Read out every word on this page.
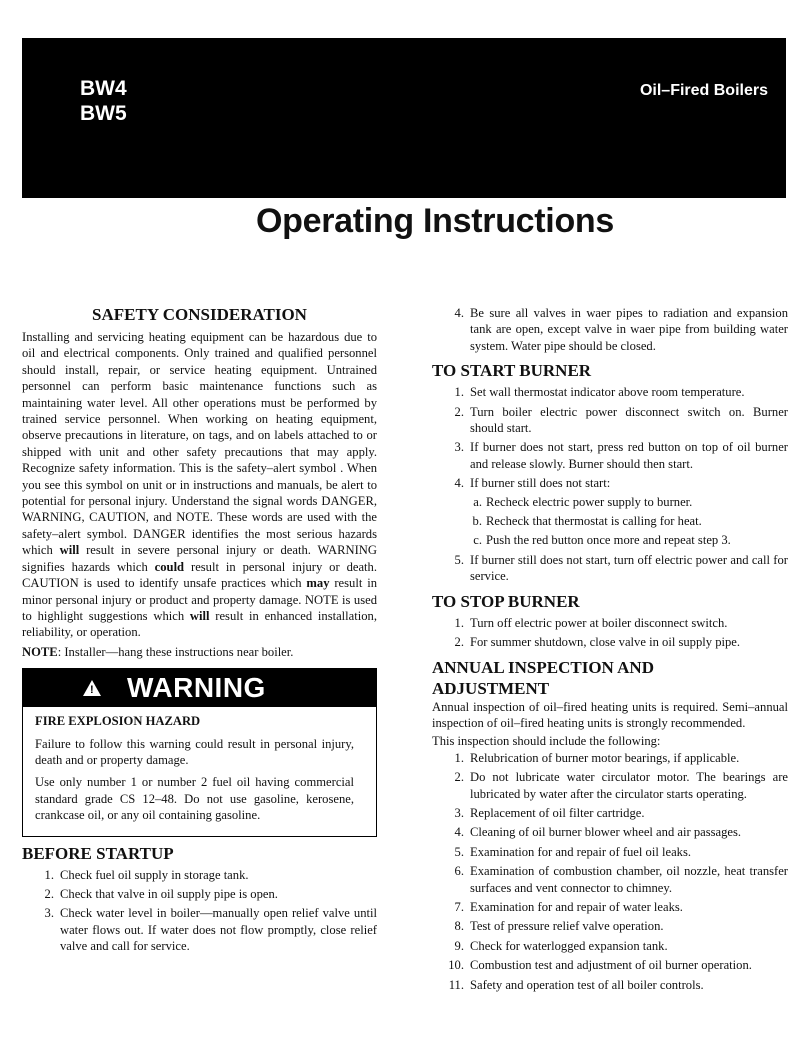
BW4
BW5
Oil–Fired Boilers
Operating Instructions
SAFETY CONSIDERATION

Installing and servicing heating equipment can be hazardous due to oil and electrical components. Only trained and qualified personnel should install, repair, or service heating equipment. Untrained personnel can perform basic maintenance functions such as maintaining water level. All other operations must be performed by trained service personnel. When working on heating equipment, observe precautions in literature, on tags, and on labels attached to or shipped with unit and other safety precautions that may apply. Recognize safety information. This is the safety–alert symbol . When you see this symbol on unit or in instructions and manuals, be alert to potential for personal injury. Understand the signal words DANGER, WARNING, CAUTION, and NOTE. These words are used with the safety–alert symbol. DANGER identifies the most serious hazards which will result in severe personal injury or death. WARNING signifies hazards which could result in personal injury or death. CAUTION is used to identify unsafe practices which may result in minor personal injury or product and property damage. NOTE is used to highlight suggestions which will result in enhanced installation, reliability, or operation.

NOTE: Installer—hang these instructions near boiler.

! WARNING
FIRE EXPLOSION HAZARD

Failure to follow this warning could result in personal injury, death and or property damage.

Use only number 1 or number 2 fuel oil having commercial standard grade CS 12–48. Do not use gasoline, kerosene, crankcase oil, or any oil containing gasoline.

BEFORE STARTUP
1. Check fuel oil supply in storage tank.
2. Check that valve in oil supply pipe is open.
3. Check water level in boiler—manually open relief valve until water flows out. If water does not flow promptly, close relief valve and call for service.
4. Be sure all valves in waer pipes to radiation and expansion tank are open, except valve in waer pipe from building water system. Water pipe should be closed.
TO START BURNER
1. Set wall thermostat indicator above room temperature.
2. Turn boiler electric power disconnect switch on. Burner should start.
3. If burner does not start, press red button on top of oil burner and release slowly. Burner should then start.
4. If burner still does not start:
a. Recheck electric power supply to burner.
b. Recheck that thermostat is calling for heat.
c. Push the red button once more and repeat step 3.
5. If burner still does not start, turn off electric power and call for service.
TO STOP BURNER
1. Turn off electric power at boiler disconnect switch.
2. For summer shutdown, close valve in oil supply pipe.
ANNUAL INSPECTION AND
ADJUSTMENT

Annual inspection of oil–fired heating units is required. Semi–annual inspection of oil–fired heating units is strongly recommended.

This inspection should include the following:

1. Relubrication of burner motor bearings, if applicable.
2. Do not lubricate water circulator motor. The bearings are lubricated by water after the circulator starts operating.
3. Replacement of oil filter cartridge.
4. Cleaning of oil burner blower wheel and air passages.
5. Examination for and repair of fuel oil leaks.
6. Examination of combustion chamber, oil nozzle, heat transfer surfaces and vent connector to chimney.
7. Examination for and repair of water leaks.
8. Test of pressure relief valve operation.
9. Check for waterlogged expansion tank.
10. Combustion test and adjustment of oil burner operation.
11. Safety and operation test of all boiler controls.
